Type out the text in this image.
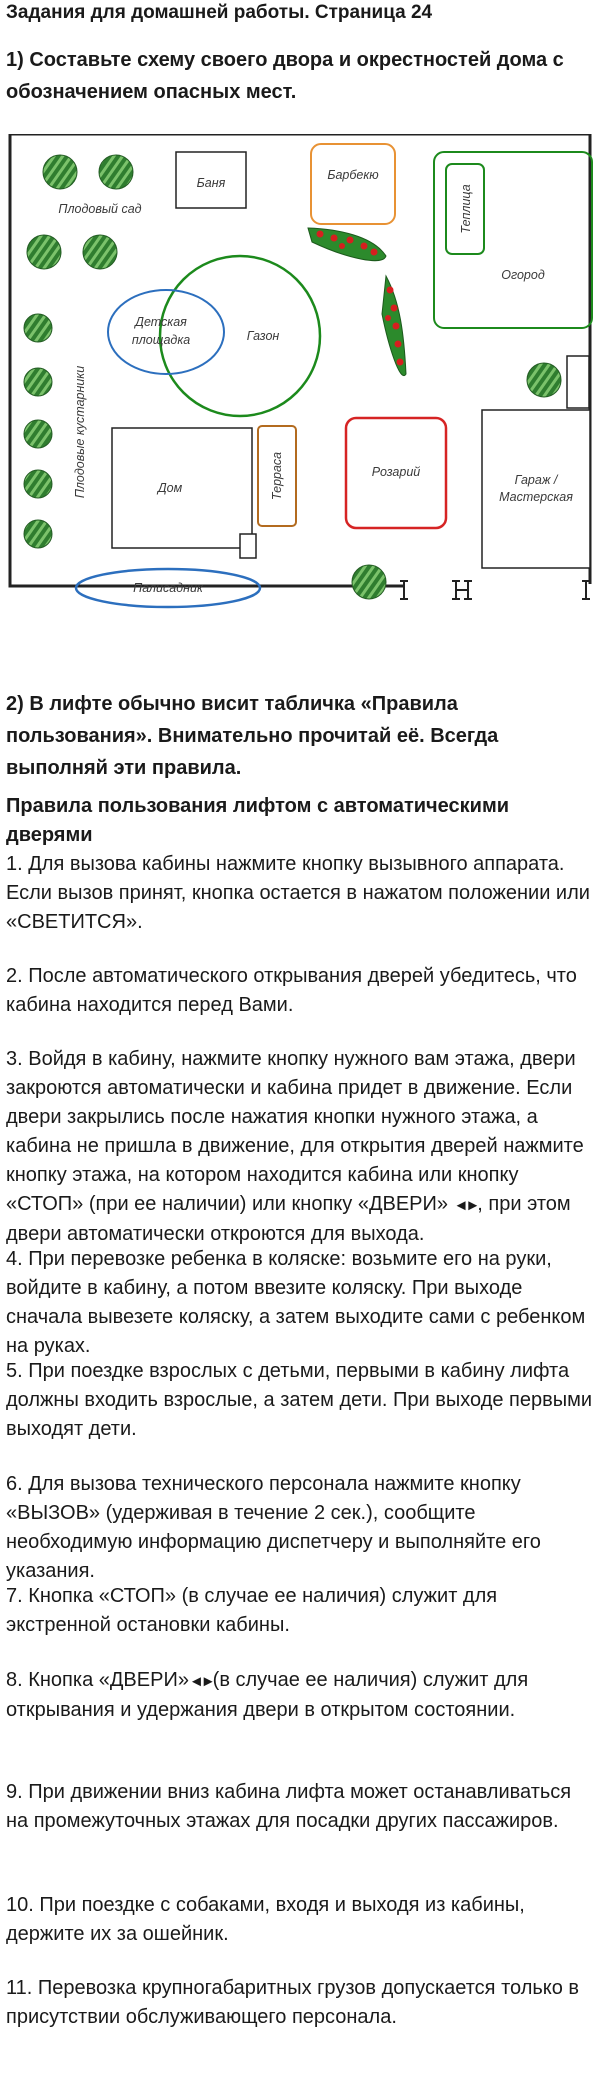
Задания для домашней работы. Страница 24
1) Составьте схему своего двора и окрестностей дома с обозначением опасных мест.
Баня
Барбекю
Теплица
Огород
Газон
Детская
площадка
Плодовый сад
Плодовые кустарники	Дом	Терраса	Розарий
Гараж /
Мастерская
Палисадник
2) В лифте обычно висит табличка «Правила пользования». Внимательно прочитай её. Всегда выполняй эти правила.
Правила пользования лифтом с автоматическими дверями
1. Для вызова кабины нажмите кнопку вызывного аппарата. Если вызов принят, кнопка остается в нажатом положении или «СВЕТИТСЯ».
2. После автоматического открывания дверей убедитесь, что кабина находится перед Вами.
3. Войдя в кабину, нажмите кнопку нужного вам этажа, двери закроются автоматически и кабина придет в движение. Если двери закрылись после нажатия кнопки нужного этажа, а кабина не пришла в движение, для открытия дверей нажмите кнопку этажа, на котором находится кабина или кнопку «СТОП» (при ее наличии) или кнопку «ДВЕРИ» ◄►, при этом двери автоматически откроются для выхода.
4. При перевозке ребенка в коляске: возьмите его на руки, войдите в кабину, а потом ввезите коляску. При выходе сначала вывезете коляску, а затем выходите сами с ребенком на руках.
5. При поездке взрослых с детьми, первыми в кабину лифта должны входить взрослые, а затем дети. При выходе первыми выходят дети.
6. Для вызова технического персонала нажмите кнопку «ВЫЗОВ» (удерживая в течение 2 сек.), сообщите необходимую информацию диспетчеру и выполняйте его указания.
7. Кнопка «СТОП» (в случае ее наличия) служит для экстренной остановки кабины.
8. Кнопка «ДВЕРИ»◄►(в случае ее наличия) служит для открывания и удержания двери в открытом состоянии.
9. При движении вниз кабина лифта может останавливаться на промежуточных этажах для посадки других пассажиров.
10. При поездке с собаками, входя и выходя из кабины, держите их за ошейник.
11. Перевозка крупногабаритных грузов допускается только в присутствии обслуживающего персонала.
